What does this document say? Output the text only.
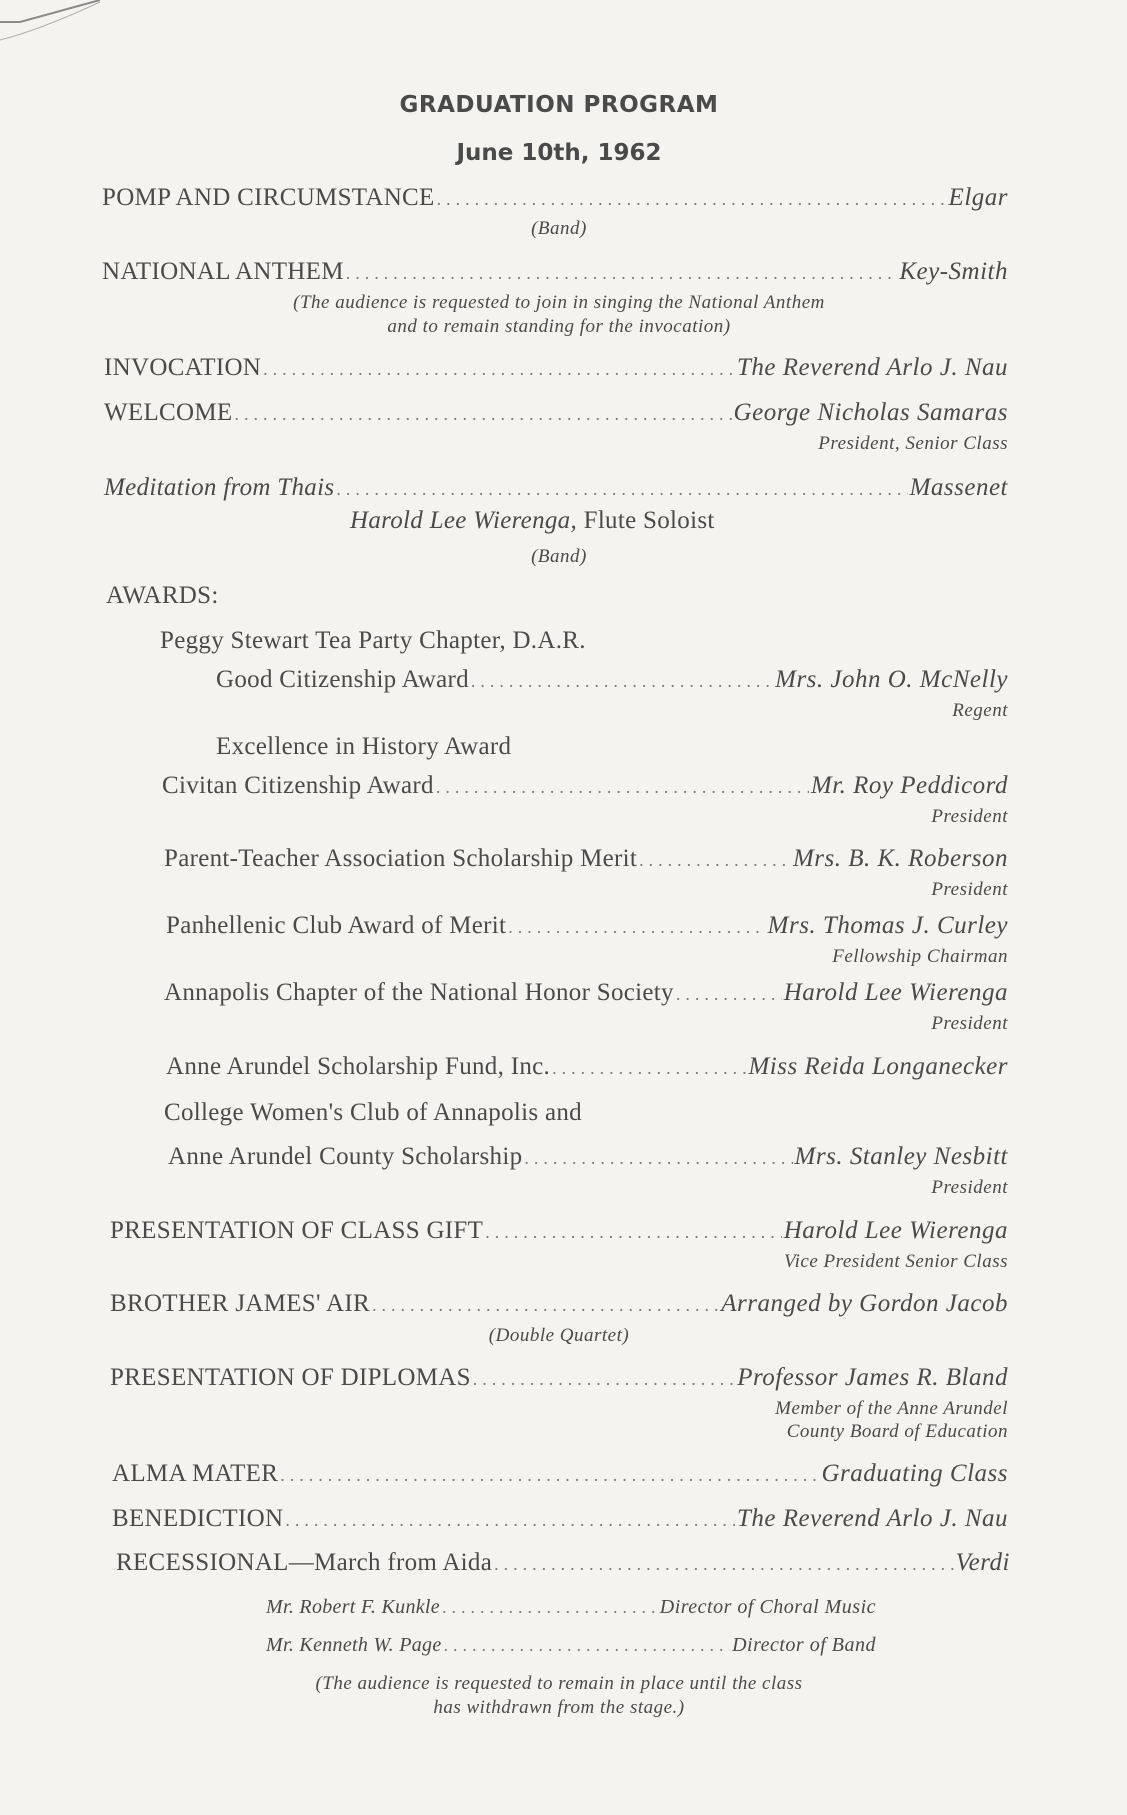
GRADUATION PROGRAM
June 10th, 1962
POMP AND CIRCUMSTANCE .....	Elgar
(Band)
NATIONAL ANTHEM .....	Key-Smith
(The audience is requested to join in singing the National Anthem
and to remain standing for the invocation)
INVOCATION .....	The Reverend Arlo J. Nau
WELCOME .....	George Nicholas Samaras
President, Senior Class
Meditation from Thais .....	Massenet
Harold Lee Wierenga, Flute Soloist
(Band)
AWARDS:
Peggy Stewart Tea Party Chapter, D.A.R.
Good Citizenship Award .....	Mrs. John O. McNelly
Regent
Excellence in History Award
Civitan Citizenship Award .....	Mr. Roy Peddicord
President
Parent-Teacher Association Scholarship Merit .....	Mrs. B. K. Roberson
President
Panhellenic Club Award of Merit .....	Mrs. Thomas J. Curley
Fellowship Chairman
Annapolis Chapter of the National Honor Society .....	Harold Lee Wierenga
President
Anne Arundel Scholarship Fund, Inc. .....	Miss Reida Longanecker
College Women's Club of Annapolis and
Anne Arundel County Scholarship .....	Mrs. Stanley Nesbitt
President
PRESENTATION OF CLASS GIFT .....	Harold Lee Wierenga
Vice President Senior Class
BROTHER JAMES' AIR .....	Arranged by Gordon Jacob
(Double Quartet)
PRESENTATION OF DIPLOMAS .....	Professor James R. Bland
Member of the Anne Arundel
County Board of Education
ALMA MATER .....	Graduating Class
BENEDICTION .....	The Reverend Arlo J. Nau
RECESSIONAL—March from Aida .....	Verdi
Mr. Robert F. Kunkle .....	Director of Choral Music
Mr. Kenneth W. Page .....	Director of Band
(The audience is requested to remain in place until the class
has withdrawn from the stage.)
